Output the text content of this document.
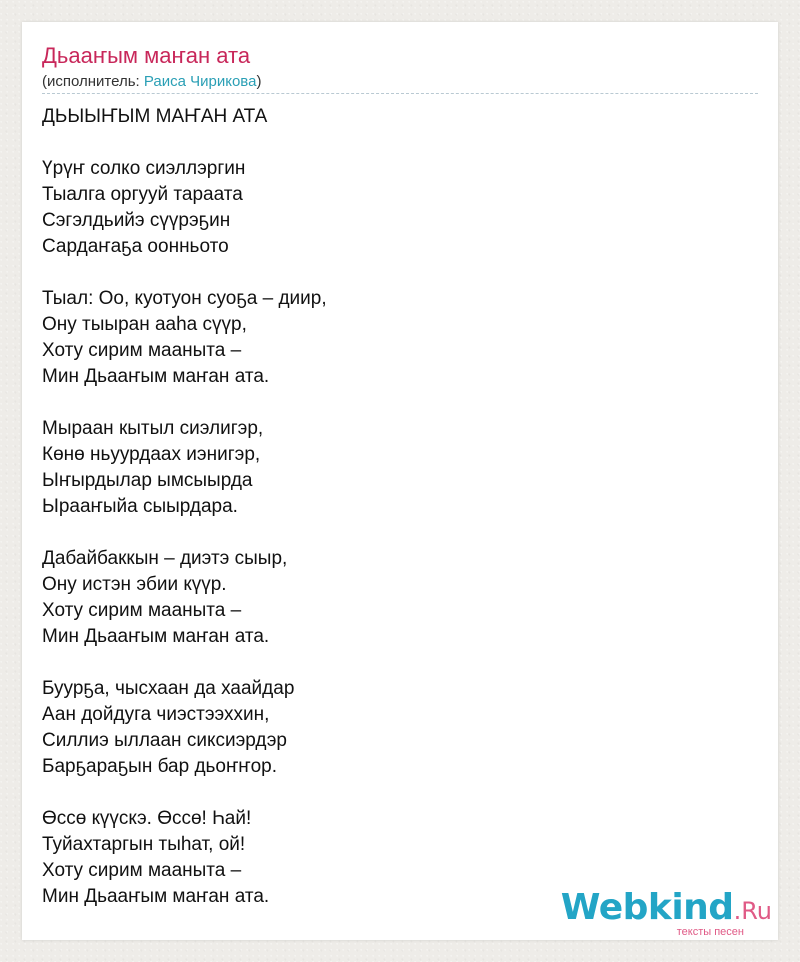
Дьааҥым маҥан ата
(исполнитель: Раиса Чирикова)
ДЬЫЫҤЫМ МАҤАН АТА
Үрүҥ солко сиэллэргин
Тыалга оргууй тараата
Сэгэлдьийэ сүүрэҕин
Сардаҥаҕа оонньото
Тыал: Оо, куотуон суоҕа – диир,
Ону тыыран ааһа сүүр,
Хоту сирим мааныта –
Мин Дьааҥым маҥан ата.
Мыраан кытыл сиэлигэр,
Көнө ньуурдаах иэнигэр,
Ыҥырдылар ымсыырда
Ыраaҥыйа сыырдара.
Дабайбаккын – диэтэ сыыр,
Ону истэн эбии күүр.
Хоту сирим мааныта –
Мин Дьааҥым маҥан ата.
Буурҕа, чысхаан да хаайдар
Аан дойдуга чиэстээххин,
Силлиэ ыллаан сиксиэрдэр
Барҕараҕын бар дьоҥҥор.
Өссө күүскэ. Өссө! Һай!
Туйахтаргын тыһат, ой!
Хоту сирим мааныта –
Мин Дьааҥым маҥан ата.	Webkind.Ru
тексты песен
